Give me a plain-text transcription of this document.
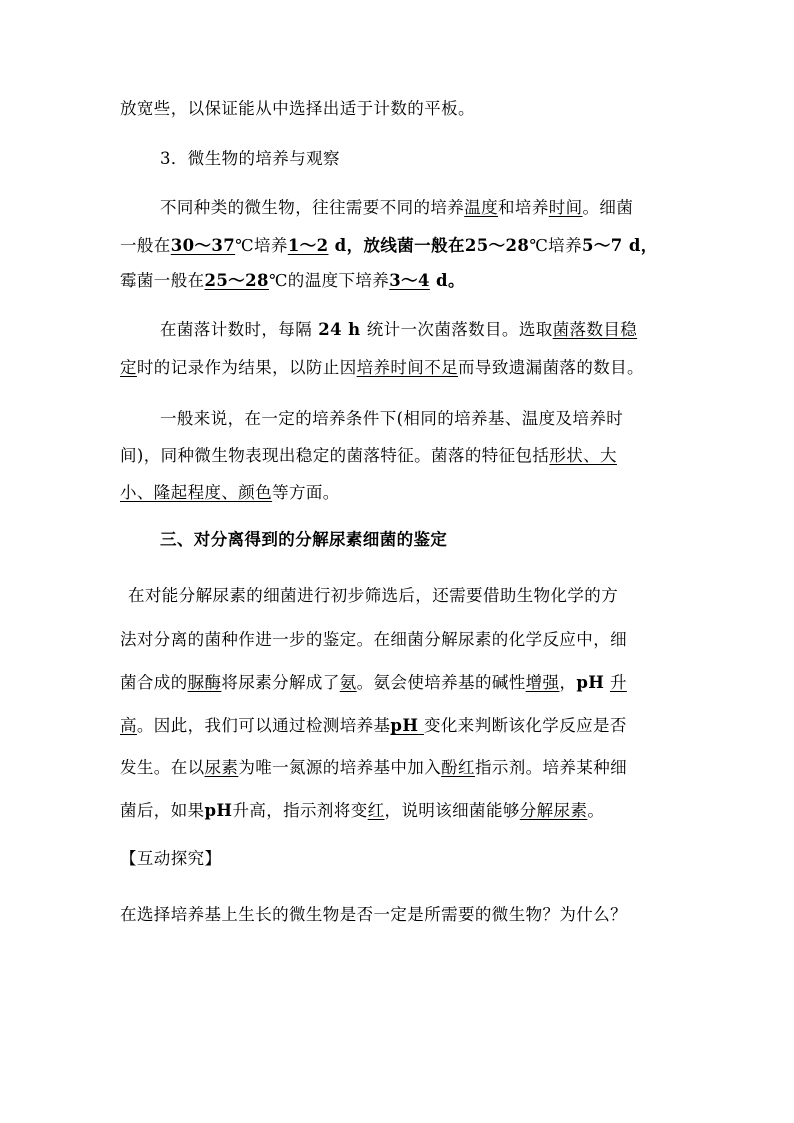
放宽些，以保证能从中选择出适于计数的平板。
3．微生物的培养与观察
不同种类的微生物，往往需要不同的培养温度和培养时间。细菌
一般在30～37℃培养1～2 d，放线菌一般在25～28℃培养5～7 d，
霉菌一般在25～28℃的温度下培养3～4 d。
在菌落计数时，每隔 24 h 统计一次菌落数目。选取菌落数目稳
定时的记录作为结果，以防止因培养时间不足而导致遗漏菌落的数目。
一般来说，在一定的培养条件下(相同的培养基、温度及培养时
间)，同种微生物表现出稳定的菌落特征。菌落的特征包括形状、大
小、隆起程度、颜色等方面。
三、对分离得到的分解尿素细菌的鉴定
在对能分解尿素的细菌进行初步筛选后，还需要借助生物化学的方
法对分离的菌种作进一步的鉴定。在细菌分解尿素的化学反应中，细
菌合成的脲酶将尿素分解成了氨。氨会使培养基的碱性增强，pH 升
高。因此，我们可以通过检测培养基pH 变化来判断该化学反应是否
发生。在以尿素为唯一氮源的培养基中加入酚红指示剂。培养某种细
菌后，如果pH升高，指示剂将变红，说明该细菌能够分解尿素。
【互动探究】
在选择培养基上生长的微生物是否一定是所需要的微生物？为什么？
